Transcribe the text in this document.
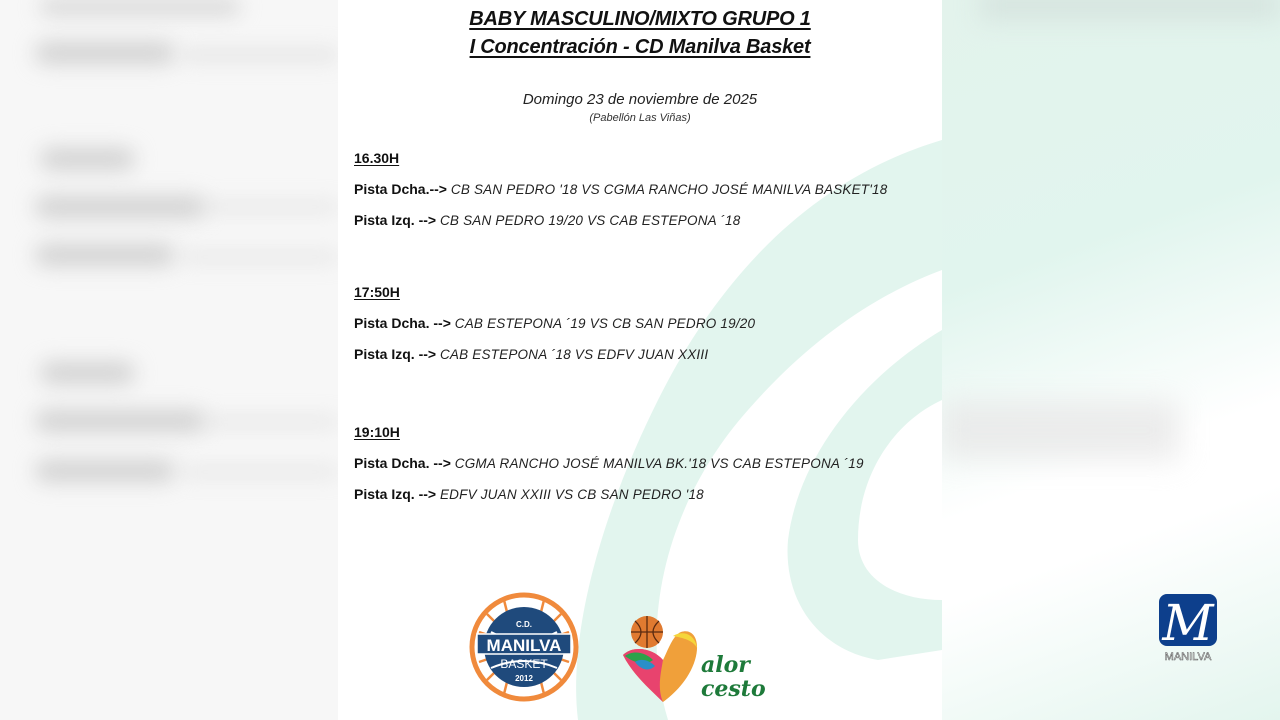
BABY MASCULINO/MIXTO GRUPO 1
I Concentración - CD Manilva Basket
Domingo 23 de noviembre de 2025
(Pabellón Las Viñas)
16.30H
Pista Dcha.--> CB SAN PEDRO '18 VS CGMA RANCHO JOSÉ MANILVA BASKET'18
Pista Izq. --> CB SAN PEDRO 19/20 VS CAB ESTEPONA ´18
17:50H
Pista Dcha. --> CAB ESTEPONA ´19 VS CB SAN PEDRO 19/20
Pista Izq. --> CAB ESTEPONA ´18 VS EDFV JUAN XXIII
19:10H
Pista Dcha. --> CGMA RANCHO JOSÉ MANILVA BK.'18 VS CAB ESTEPONA ´19
Pista Izq. --> EDFV JUAN XXIII VS CB SAN PEDRO '18
C.D.
MANILVA
BASKET
2012
alor
cesto
M
MANILVA
